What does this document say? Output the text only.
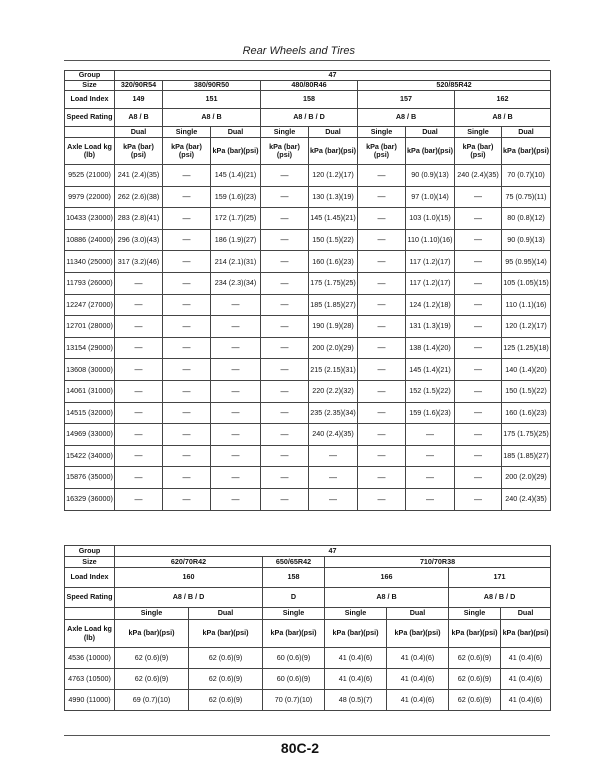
Rear Wheels and Tires
Group	47								
Size	320/90R54	380/90R50		480/80R46		520/85R42			
Load Index	149	151		158		157		162	
Speed Rating	A8 / B	A8 / B		A8 / B / D		A8 / B		A8 / B	
	Dual	Single	Dual	Single	Dual	Single	Dual	Single	Dual
Axle Load kg (lb)	kPa (bar)(psi)	kPa (bar)(psi)	kPa (bar)(psi)	kPa (bar)(psi)	kPa (bar)(psi)	kPa (bar)(psi)	kPa (bar)(psi)	kPa (bar)(psi)	kPa (bar)(psi)
9525 (21000)	241 (2.4)(35)	—	145 (1.4)(21)	—	120 (1.2)(17)	—	90 (0.9)(13)	240 (2.4)(35)	70 (0.7)(10)
9979 (22000)	262 (2.6)(38)	—	159 (1.6)(23)	—	130 (1.3)(19)	—	97 (1.0)(14)	—	75 (0.75)(11)
10433 (23000)	283 (2.8)(41)	—	172 (1.7)(25)	—	145 (1.45)(21)	—	103 (1.0)(15)	—	80 (0.8)(12)
10886 (24000)	296 (3.0)(43)	—	186 (1.9)(27)	—	150 (1.5)(22)	—	110 (1.10)(16)	—	90 (0.9)(13)
11340 (25000)	317 (3.2)(46)	—	214 (2.1)(31)	—	160 (1.6)(23)	—	117 (1.2)(17)	—	95 (0.95)(14)
11793 (26000)	—	—	234 (2.3)(34)	—	175 (1.75)(25)	—	117 (1.2)(17)	—	105 (1.05)(15)
12247 (27000)	—	—	—	—	185 (1.85)(27)	—	124 (1.2)(18)	—	110 (1.1)(16)
12701 (28000)	—	—	—	—	190 (1.9)(28)	—	131 (1.3)(19)	—	120 (1.2)(17)
13154 (29000)	—	—	—	—	200 (2.0)(29)	—	138 (1.4)(20)	—	125 (1.25)(18)
13608 (30000)	—	—	—	—	215 (2.15)(31)	—	145 (1.4)(21)	—	140 (1.4)(20)
14061 (31000)	—	—	—	—	220 (2.2)(32)	—	152 (1.5)(22)	—	150 (1.5)(22)
14515 (32000)	—	—	—	—	235 (2.35)(34)	—	159 (1.6)(23)	—	160 (1.6)(23)
14969 (33000)	—	—	—	—	240 (2.4)(35)	—	—	—	175 (1.75)(25)
15422 (34000)	—	—	—	—	—	—	—	—	185 (1.85)(27)
15876 (35000)	—	—	—	—	—	—	—	—	200 (2.0)(29)
16329 (36000)	—	—	—	—	—	—	—	—	240 (2.4)(35)
Group	47						
Size	620/70R42		650/65R42	710/70R38			
Load Index	160		158	166		171	
Speed Rating	A8 / B / D		D	A8 / B		A8 / B / D	
	Single	Dual	Single	Single	Dual	Single	Dual
Axle Load kg (lb)	kPa (bar)(psi)	kPa (bar)(psi)	kPa (bar)(psi)	kPa (bar)(psi)	kPa (bar)(psi)	kPa (bar)(psi)	kPa (bar)(psi)
4536 (10000)	62 (0.6)(9)	62 (0.6)(9)	60 (0.6)(9)	41 (0.4)(6)	41 (0.4)(6)	62 (0.6)(9)	41 (0.4)(6)
4763 (10500)	62 (0.6)(9)	62 (0.6)(9)	60 (0.6)(9)	41 (0.4)(6)	41 (0.4)(6)	62 (0.6)(9)	41 (0.4)(6)
4990 (11000)	69 (0.7)(10)	62 (0.6)(9)	70 (0.7)(10)	48 (0.5)(7)	41 (0.4)(6)	62 (0.6)(9)	41 (0.4)(6)
80C-2
